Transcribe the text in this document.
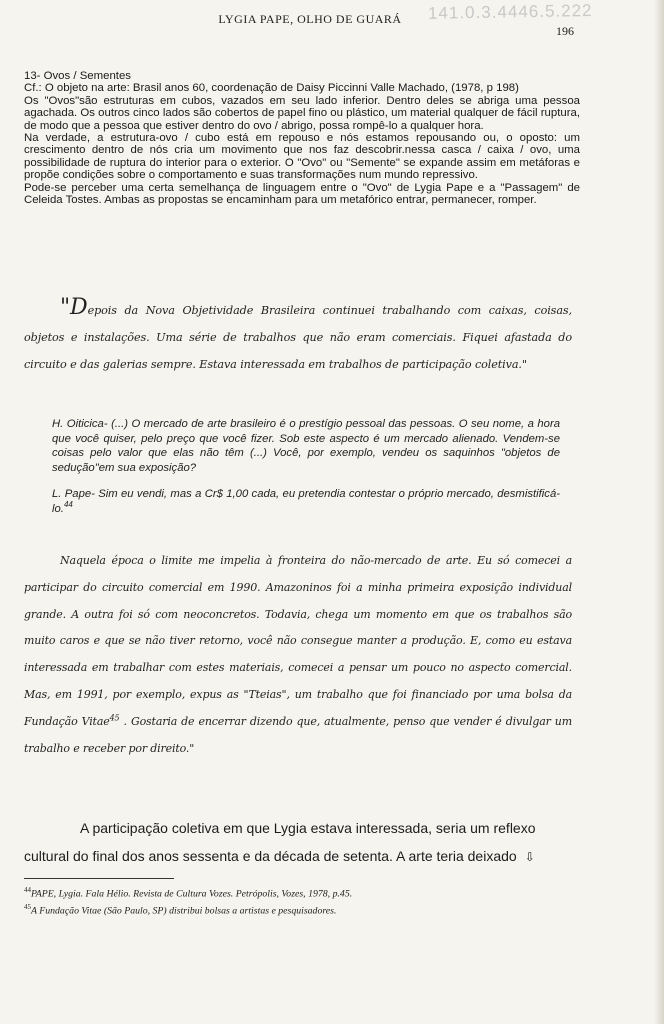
LYGIA PAPE, OLHO DE GUARÁ	141.0.3.4446.5.222
196

13- Ovos / Sementes

Cf.: O objeto na arte: Brasil anos 60, coordenação de Daisy Piccinni Valle Machado, (1978, p 198)

Os "Ovos"são estruturas em cubos, vazados em seu lado inferior. Dentro deles se abriga uma pessoa agachada. Os outros cinco lados são cobertos de papel fino ou plástico, um material qualquer de fácil ruptura, de modo que a pessoa que estiver dentro do ovo / abrigo, possa rompê-lo a qualquer hora.

Na verdade, a estrutura-ovo / cubo está em repouso e nós estamos repousando ou, o oposto: um crescimento dentro de nós cria um movimento que nos faz descobrir.nessa casca / caixa / ovo, uma possibilidade de ruptura do interior para o exterior. O "Ovo" ou "Semente" se expande assim em metáforas e propõe condições sobre o comportamento e suas transformações num mundo repressivo.

Pode-se perceber uma certa semelhança de linguagem entre o "Ovo" de Lygia Pape e a "Passagem" de Celeida Tostes. Ambas as propostas se encaminham para um metafórico entrar, permanecer, romper.

"Depois da Nova Objetividade Brasileira continuei trabalhando com caixas, coisas, objetos e instalações. Uma série de trabalhos que não eram comerciais. Fiquei afastada do circuito e das galerias sempre. Estava interessada em trabalhos de participação coletiva."

H. Oiticica- (...) O mercado de arte brasileiro é o prestígio pessoal das pessoas. O seu nome, a hora que você quiser, pelo preço que você fizer. Sob este aspecto é um mercado alienado. Vendem-se coisas pelo valor que elas não têm (...) Você, por exemplo, vendeu os saquinhos "objetos de sedução"em sua exposição?

L. Pape- Sim eu vendi, mas a Cr$ 1,00 cada, eu pretendia contestar o próprio mercado, desmistificá-lo.$^{44}$

Naquela época o limite me impelia à fronteira do não-mercado de arte. Eu só comecei a participar do circuito comercial em 1990. Amazoninos foi a minha primeira exposição individual grande. A outra foi só com neoconcretos. Todavia, chega um momento em que os trabalhos são muito caros e que se não tiver retorno, você não consegue manter a produção. E, como eu estava interessada em trabalhar com estes materiais, comecei a pensar um pouco no aspecto comercial. Mas, em 1991, por exemplo, expus as "Tteias", um trabalho que foi financiado por uma bolsa da Fundação Vitae$^{45}$ . Gostaria de encerrar dizendo que, atualmente, penso que vender é divulgar um trabalho e receber por direito."

A participação coletiva em que Lygia estava interessada, seria um reflexo cultural do final dos anos sessenta e da década de setenta. A arte teria deixado ⇩

$^{44}$PAPE, Lygia. Fala Hélio. Revista de Cultura Vozes. Petrópolis, Vozes, 1978, p.45.

$^{45}$A Fundação Vitae (São Paulo, SP) distribui bolsas a artistas e pesquisadores.
